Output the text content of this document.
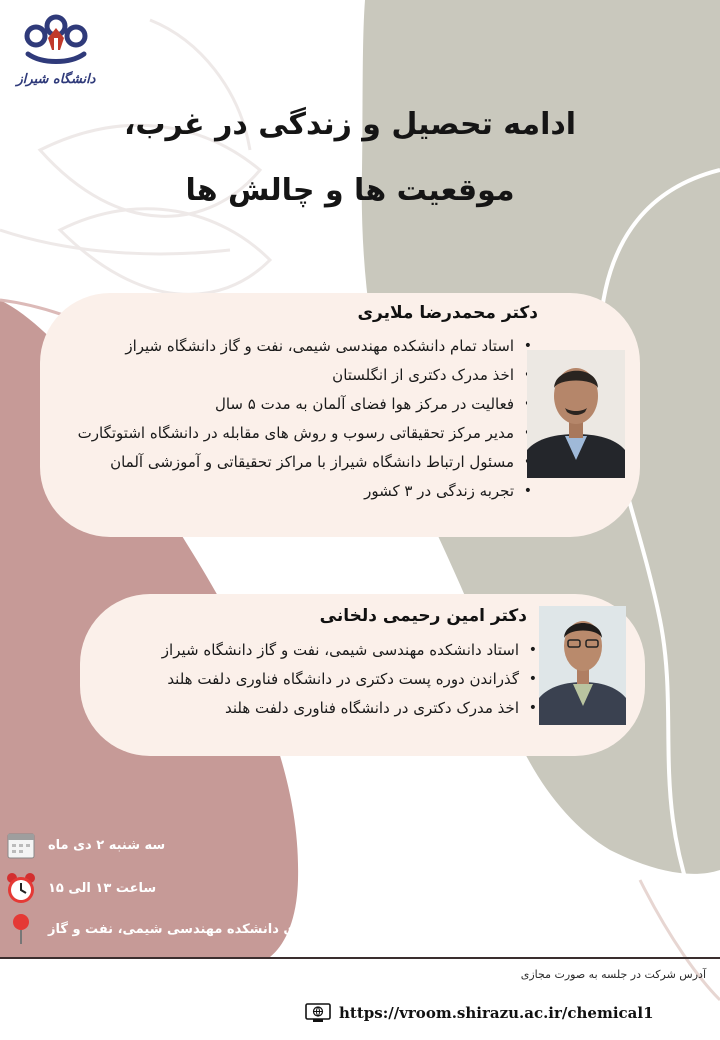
دانشگاه شیراز
ادامه تحصیل و زندگی در غرب،
موقعیت ها و چالش ها
دکتر محمدرضا ملایری
• استاد تمام دانشکده مهندسی شیمی، نفت و گاز دانشگاه شیراز
• اخذ مدرک دکتری از انگلستان
• فعالیت در مرکز هوا فضای آلمان به مدت ۵ سال
• مدیر مرکز تحقیقاتی رسوب و روش های مقابله در دانشگاه اشتوتگارت
• مسئول ارتباط دانشگاه شیراز با مراکز تحقیقاتی و آموزشی آلمان
• تجربه زندگی در ۳ کشور
دکتر امین رحیمی دلخانی
• استاد دانشکده مهندسی شیمی، نفت و گاز دانشگاه شیراز
• گذراندن دوره پست دکتری در دانشگاه فناوری دلفت هلند
• اخذ مدرک دکتری در دانشگاه فناوری دلفت هلند
سه شنبه ۲ دی ماه
ساعت ۱۳ الی ۱۵
سعدی دانشکده مهندسی شیمی، نفت و گاز
آدرس شرکت در جلسه به صورت مجازی
https://vroom.shirazu.ac.ir/chemical1
